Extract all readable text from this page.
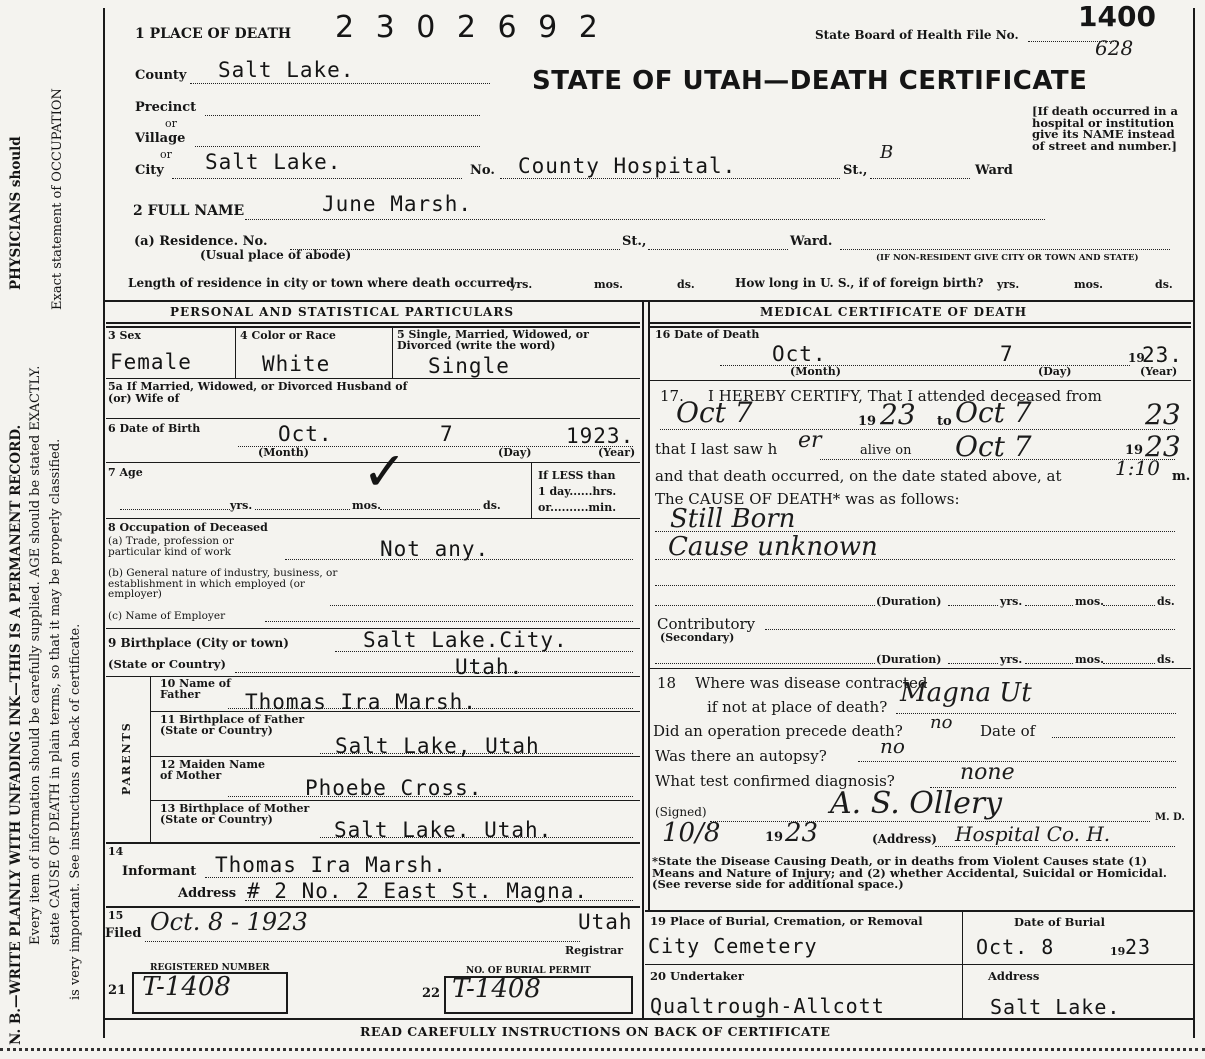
N. B.—WRITE PLAINLY WITH UNFADING INK—THIS IS A PERMANENT RECORD.
PHYSICIANS should
Every item of information should be carefully supplied. AGE should be stated EXACTLY.
Exact statement of OCCUPATION
state CAUSE OF DEATH in plain terms, so that it may be properly classified. is very important. See instructions on back of certificate.
1 PLACE OF DEATH 2 3 0 2 6 9 2	State Board of Health File No.
1400
628
County Salt Lake.	STATE OF UTAH—DEATH CERTIFICATE
Precinct
or
Village
or
City Salt Lake.	No. County Hospital.	St.,
B
Ward
[If death occurred in a hospital or institution give its NAME instead of street and number.]
2 FULL NAME	June Marsh.
(a) Residence. No.	St.,	Ward.
(Usual place of abode)	(IF NON-RESIDENT GIVE CITY OR TOWN AND STATE)
Length of residence in city or town where death occurred
yrs.	mos.	ds.	How long in U. S., if of foreign birth? yrs.	mos.	ds.
PERSONAL AND STATISTICAL PARTICULARS
3 Sex
Female
4 Color or Race
White
5 Single, Married, Widowed, or Divorced (write the word)
Single
5a If Married, Widowed, or Divorced Husband of (or) Wife of
6 Date of Birth	Oct.	7	1923.
(Month)	(Day)	(Year)
7 Age	✓
yrs.	mos.	ds.
If LESS than
1 day......hrs.
or..........min.
8 Occupation of Deceased
(a) Trade, profession or particular kind of work	Not any.
(b) General nature of industry, business, or establishment in which employed (or employer)
(c) Name of Employer
9 Birthplace (City or town)	Salt Lake.City.
(State or Country)	Utah.
PARENTS
10 Name of Father	Thomas Ira Marsh.
11 Birthplace of Father (State or Country)
Salt Lake, Utah
12 Maiden Name of Mother
Phoebe Cross.
13 Birthplace of Mother (State or Country)	Salt Lake. Utah.
14
Informant Thomas Ira Marsh.
Address # 2 No. 2 East St. Magna.
15
Filed Oct. 8 - 1923	Utah
Registrar
REGISTERED NUMBER
21 T-1408
NO. OF BURIAL PERMIT
22 T-1408
MEDICAL CERTIFICATE OF DEATH
16 Date of Death
Oct.	7	19
23.
(Month)	(Day)	(Year)
17. I HEREBY CERTIFY, That I attended deceased from
Oct 7	19 23 to Oct 7	23
that I last saw h er	alive on Oct 7	19 23
and that death occurred, on the date stated above, at	1:10 m.
The CAUSE OF DEATH* was as follows:
Still Born
Cause unknown
(Duration)	yrs.	mos.	ds.
Contributory
(Secondary)
(Duration)	yrs.	mos.	ds.
18 Where was disease contracted
if not at place of death? Magna Ut
Did an operation precede death? no Date of
Was there an autopsy?	no
What test confirmed diagnosis?	none
(Signed)	A. S. Ollery	M. D.
10/8	19 23	(Address) Hospital Co. H.
*State the Disease Causing Death, or in deaths from Violent Causes state (1) Means and Nature of Injury; and (2) whether Accidental, Suicidal or Homicidal. (See reverse side for additional space.)
19 Place of Burial, Cremation, or Removal
City Cemetery
Date of Burial
Oct. 8	19 23
20 Undertaker
Qualtrough-Allcott
Address
Salt Lake.
READ CAREFULLY INSTRUCTIONS ON BACK OF CERTIFICATE
